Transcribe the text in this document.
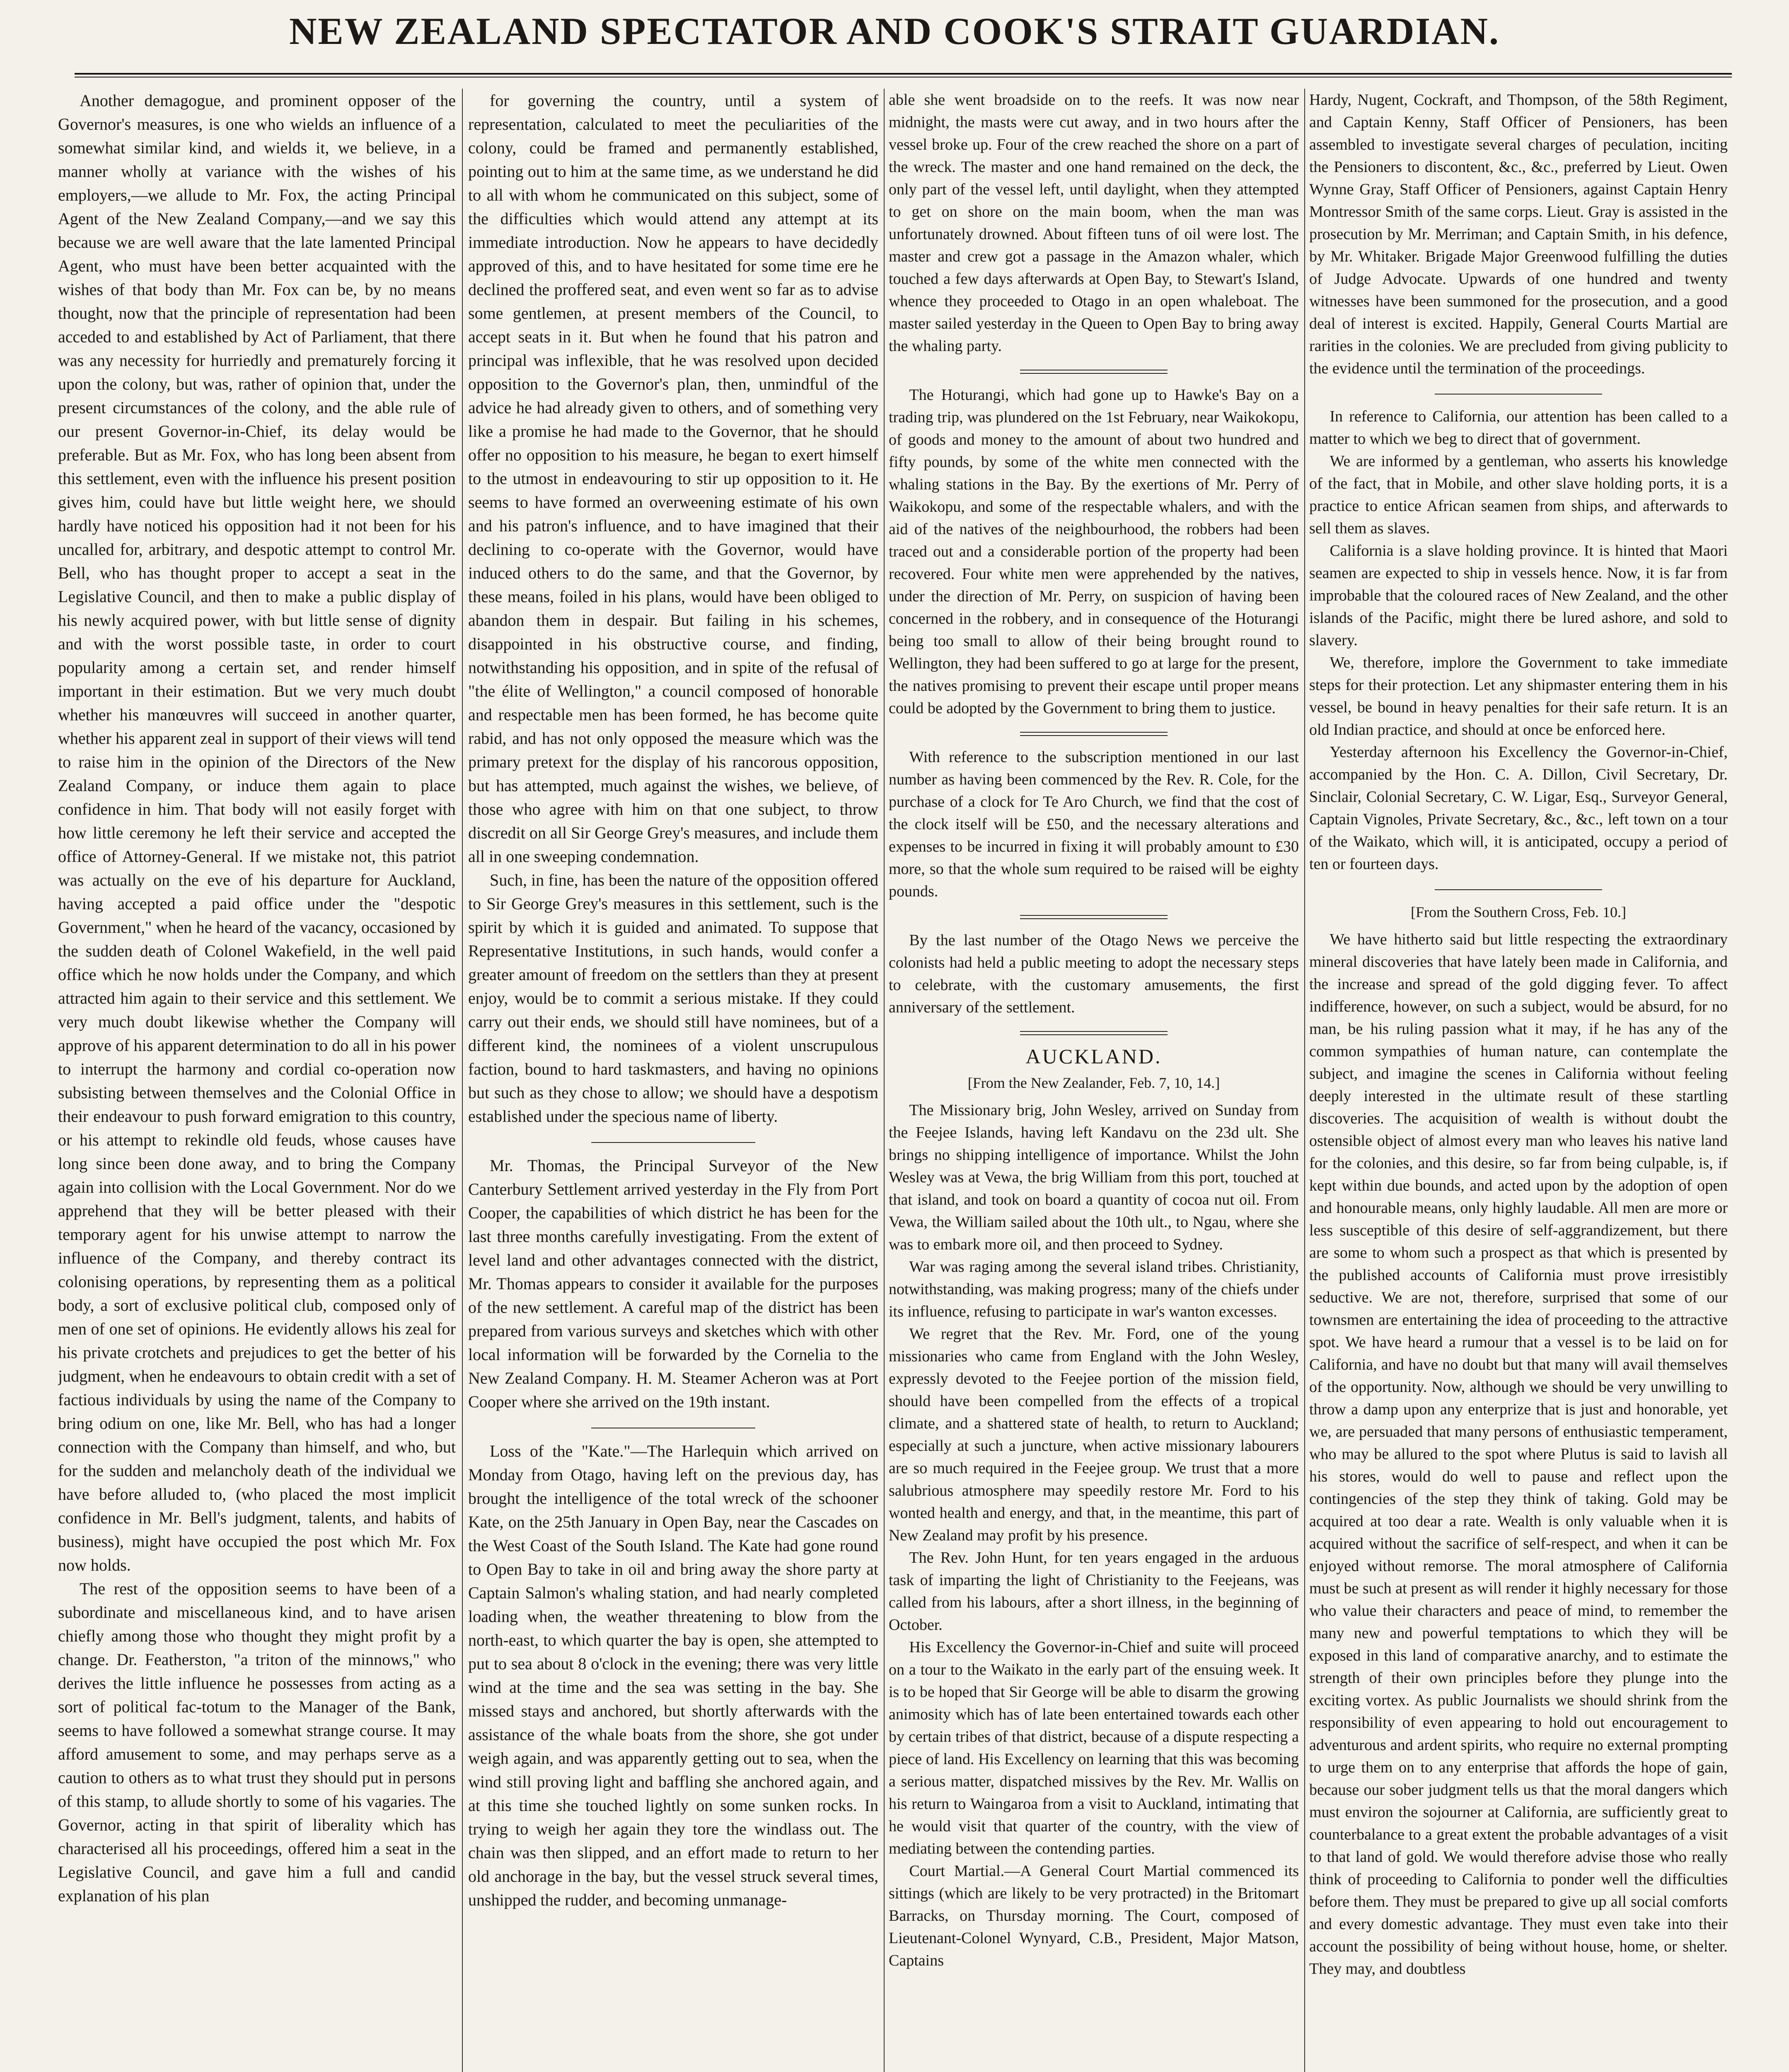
NEW ZEALAND SPECTATOR AND COOK'S STRAIT GUARDIAN.

Another demagogue, and prominent opposer of the Governor's measures, is one who wields an influence of a somewhat similar kind, and wields it, we believe, in a manner wholly at variance with the wishes of his employers,—we allude to Mr. Fox, the acting Principal Agent of the New Zealand Company,—and we say this because we are well aware that the late lamented Principal Agent, who must have been better acquainted with the wishes of that body than Mr. Fox can be, by no means thought, now that the principle of representation had been acceded to and established by Act of Parliament, that there was any necessity for hurriedly and prematurely forcing it upon the colony, but was, rather of opinion that, under the present circumstances of the colony, and the able rule of our present Governor-in-Chief, its delay would be preferable. But as Mr. Fox, who has long been absent from this settlement, even with the influence his present position gives him, could have but little weight here, we should hardly have noticed his opposition had it not been for his uncalled for, arbitrary, and despotic attempt to control Mr. Bell, who has thought proper to accept a seat in the Legislative Council, and then to make a public display of his newly acquired power, with but little sense of dignity and with the worst possible taste, in order to court popularity among a certain set, and render himself important in their estimation. But we very much doubt whether his manœuvres will succeed in another quarter, whether his apparent zeal in support of their views will tend to raise him in the opinion of the Directors of the New Zealand Company, or induce them again to place confidence in him. That body will not easily forget with how little ceremony he left their service and accepted the office of Attorney-General. If we mistake not, this patriot was actually on the eve of his departure for Auckland, having accepted a paid office under the "despotic Government," when he heard of the vacancy, occasioned by the sudden death of Colonel Wakefield, in the well paid office which he now holds under the Company, and which attracted him again to their service and this settlement. We very much doubt likewise whether the Company will approve of his apparent determination to do all in his power to interrupt the harmony and cordial co-operation now subsisting between themselves and the Colonial Office in their endeavour to push forward emigration to this country, or his attempt to rekindle old feuds, whose causes have long since been done away, and to bring the Company again into collision with the Local Government. Nor do we apprehend that they will be better pleased with their temporary agent for his unwise attempt to narrow the influence of the Company, and thereby contract its colonising operations, by representing them as a political body, a sort of exclusive political club, composed only of men of one set of opinions. He evidently allows his zeal for his private crotchets and prejudices to get the better of his judgment, when he endeavours to obtain credit with a set of factious individuals by using the name of the Company to bring odium on one, like Mr. Bell, who has had a longer connection with the Company than himself, and who, but for the sudden and melancholy death of the individual we have before alluded to, (who placed the most implicit confidence in Mr. Bell's judgment, talents, and habits of business), might have occupied the post which Mr. Fox now holds.

The rest of the opposition seems to have been of a subordinate and miscellaneous kind, and to have arisen chiefly among those who thought they might profit by a change. Dr. Featherston, "a triton of the minnows," who derives the little influence he possesses from acting as a sort of political fac-totum to the Manager of the Bank, seems to have followed a somewhat strange course. It may afford amusement to some, and may perhaps serve as a caution to others as to what trust they should put in persons of this stamp, to allude shortly to some of his vagaries. The Governor, acting in that spirit of liberality which has characterised all his proceedings, offered him a seat in the Legislative Council, and gave him a full and candid explanation of his plan

for governing the country, until a system of representation, calculated to meet the peculiarities of the colony, could be framed and permanently established, pointing out to him at the same time, as we understand he did to all with whom he communicated on this subject, some of the difficulties which would attend any attempt at its immediate introduction. Now he appears to have decidedly approved of this, and to have hesitated for some time ere he declined the proffered seat, and even went so far as to advise some gentlemen, at present members of the Council, to accept seats in it. But when he found that his patron and principal was inflexible, that he was resolved upon decided opposition to the Governor's plan, then, unmindful of the advice he had already given to others, and of something very like a promise he had made to the Governor, that he should offer no opposition to his measure, he began to exert himself to the utmost in endeavouring to stir up opposition to it. He seems to have formed an overweening estimate of his own and his patron's influence, and to have imagined that their declining to co-operate with the Governor, would have induced others to do the same, and that the Governor, by these means, foiled in his plans, would have been obliged to abandon them in despair. But failing in his schemes, disappointed in his obstructive course, and finding, notwithstanding his opposition, and in spite of the refusal of "the élite of Wellington," a council composed of honorable and respectable men has been formed, he has become quite rabid, and has not only opposed the measure which was the primary pretext for the display of his rancorous opposition, but has attempted, much against the wishes, we believe, of those who agree with him on that one subject, to throw discredit on all Sir George Grey's measures, and include them all in one sweeping condemnation.

Such, in fine, has been the nature of the opposition offered to Sir George Grey's measures in this settlement, such is the spirit by which it is guided and animated. To suppose that Representative Institutions, in such hands, would confer a greater amount of freedom on the settlers than they at present enjoy, would be to commit a serious mistake. If they could carry out their ends, we should still have nominees, but of a different kind, the nominees of a violent unscrupulous faction, bound to hard taskmasters, and having no opinions but such as they chose to allow; we should have a despotism established under the specious name of liberty.

Mr. Thomas, the Principal Surveyor of the New Canterbury Settlement arrived yesterday in the Fly from Port Cooper, the capabilities of which district he has been for the last three months carefully investigating. From the extent of level land and other advantages connected with the district, Mr. Thomas appears to consider it available for the purposes of the new settlement. A careful map of the district has been prepared from various surveys and sketches which with other local information will be forwarded by the Cornelia to the New Zealand Company. H. M. Steamer Acheron was at Port Cooper where she arrived on the 19th instant.

Loss of the "Kate."—The Harlequin which arrived on Monday from Otago, having left on the previous day, has brought the intelligence of the total wreck of the schooner Kate, on the 25th January in Open Bay, near the Cascades on the West Coast of the South Island. The Kate had gone round to Open Bay to take in oil and bring away the shore party at Captain Salmon's whaling station, and had nearly completed loading when, the weather threatening to blow from the north-east, to which quarter the bay is open, she attempted to put to sea about 8 o'clock in the evening; there was very little wind at the time and the sea was setting in the bay. She missed stays and anchored, but shortly afterwards with the assistance of the whale boats from the shore, she got under weigh again, and was apparently getting out to sea, when the wind still proving light and baffling she anchored again, and at this time she touched lightly on some sunken rocks. In trying to weigh her again they tore the windlass out. The chain was then slipped, and an effort made to return to her old anchorage in the bay, but the vessel struck several times, unshipped the rudder, and becoming unmanage-

able she went broadside on to the reefs. It was now near midnight, the masts were cut away, and in two hours after the vessel broke up. Four of the crew reached the shore on a part of the wreck. The master and one hand remained on the deck, the only part of the vessel left, until daylight, when they attempted to get on shore on the main boom, when the man was unfortunately drowned. About fifteen tuns of oil were lost. The master and crew got a passage in the Amazon whaler, which touched a few days afterwards at Open Bay, to Stewart's Island, whence they proceeded to Otago in an open whaleboat. The master sailed yesterday in the Queen to Open Bay to bring away the whaling party.

The Hoturangi, which had gone up to Hawke's Bay on a trading trip, was plundered on the 1st February, near Waikokopu, of goods and money to the amount of about two hundred and fifty pounds, by some of the white men connected with the whaling stations in the Bay. By the exertions of Mr. Perry of Waikokopu, and some of the respectable whalers, and with the aid of the natives of the neighbourhood, the robbers had been traced out and a considerable portion of the property had been recovered. Four white men were apprehended by the natives, under the direction of Mr. Perry, on suspicion of having been concerned in the robbery, and in consequence of the Hoturangi being too small to allow of their being brought round to Wellington, they had been suffered to go at large for the present, the natives promising to prevent their escape until proper means could be adopted by the Government to bring them to justice.

With reference to the subscription mentioned in our last number as having been commenced by the Rev. R. Cole, for the purchase of a clock for Te Aro Church, we find that the cost of the clock itself will be £50, and the necessary alterations and expenses to be incurred in fixing it will probably amount to £30 more, so that the whole sum required to be raised will be eighty pounds.

By the last number of the Otago News we perceive the colonists had held a public meeting to adopt the necessary steps to celebrate, with the customary amusements, the first anniversary of the settlement.

AUCKLAND.
[From the New Zealander, Feb. 7, 10, 14.]

The Missionary brig, John Wesley, arrived on Sunday from the Feejee Islands, having left Kandavu on the 23d ult. She brings no shipping intelligence of importance. Whilst the John Wesley was at Vewa, the brig William from this port, touched at that island, and took on board a quantity of cocoa nut oil. From Vewa, the William sailed about the 10th ult., to Ngau, where she was to embark more oil, and then proceed to Sydney.

War was raging among the several island tribes. Christianity, notwithstanding, was making progress; many of the chiefs under its influence, refusing to participate in war's wanton excesses.

We regret that the Rev. Mr. Ford, one of the young missionaries who came from England with the John Wesley, expressly devoted to the Feejee portion of the mission field, should have been compelled from the effects of a tropical climate, and a shattered state of health, to return to Auckland; especially at such a juncture, when active missionary labourers are so much required in the Feejee group. We trust that a more salubrious atmosphere may speedily restore Mr. Ford to his wonted health and energy, and that, in the meantime, this part of New Zealand may profit by his presence.

The Rev. John Hunt, for ten years engaged in the arduous task of imparting the light of Christianity to the Feejeans, was called from his labours, after a short illness, in the beginning of October.

His Excellency the Governor-in-Chief and suite will proceed on a tour to the Waikato in the early part of the ensuing week. It is to be hoped that Sir George will be able to disarm the growing animosity which has of late been entertained towards each other by certain tribes of that district, because of a dispute respecting a piece of land. His Excellency on learning that this was becoming a serious matter, dispatched missives by the Rev. Mr. Wallis on his return to Waingaroa from a visit to Auckland, intimating that he would visit that quarter of the country, with the view of mediating between the contending parties.

Court Martial.—A General Court Martial commenced its sittings (which are likely to be very protracted) in the Britomart Barracks, on Thursday morning. The Court, composed of Lieutenant-Colonel Wynyard, C.B., President, Major Matson, Captains

Hardy, Nugent, Cockraft, and Thompson, of the 58th Regiment, and Captain Kenny, Staff Officer of Pensioners, has been assembled to investigate several charges of peculation, inciting the Pensioners to discontent, &c., &c., preferred by Lieut. Owen Wynne Gray, Staff Officer of Pensioners, against Captain Henry Montressor Smith of the same corps. Lieut. Gray is assisted in the prosecution by Mr. Merriman; and Captain Smith, in his defence, by Mr. Whitaker. Brigade Major Greenwood fulfilling the duties of Judge Advocate. Upwards of one hundred and twenty witnesses have been summoned for the prosecution, and a good deal of interest is excited. Happily, General Courts Martial are rarities in the colonies. We are precluded from giving publicity to the evidence until the termination of the proceedings.

In reference to California, our attention has been called to a matter to which we beg to direct that of government.

We are informed by a gentleman, who asserts his knowledge of the fact, that in Mobile, and other slave holding ports, it is a practice to entice African seamen from ships, and afterwards to sell them as slaves.

California is a slave holding province. It is hinted that Maori seamen are expected to ship in vessels hence. Now, it is far from improbable that the coloured races of New Zealand, and the other islands of the Pacific, might there be lured ashore, and sold to slavery.

We, therefore, implore the Government to take immediate steps for their protection. Let any shipmaster entering them in his vessel, be bound in heavy penalties for their safe return. It is an old Indian practice, and should at once be enforced here.

Yesterday afternoon his Excellency the Governor-in-Chief, accompanied by the Hon. C. A. Dillon, Civil Secretary, Dr. Sinclair, Colonial Secretary, C. W. Ligar, Esq., Surveyor General, Captain Vignoles, Private Secretary, &c., &c., left town on a tour of the Waikato, which will, it is anticipated, occupy a period of ten or fourteen days.

[From the Southern Cross, Feb. 10.]

We have hitherto said but little respecting the extraordinary mineral discoveries that have lately been made in California, and the increase and spread of the gold digging fever. To affect indifference, however, on such a subject, would be absurd, for no man, be his ruling passion what it may, if he has any of the common sympathies of human nature, can contemplate the subject, and imagine the scenes in California without feeling deeply interested in the ultimate result of these startling discoveries. The acquisition of wealth is without doubt the ostensible object of almost every man who leaves his native land for the colonies, and this desire, so far from being culpable, is, if kept within due bounds, and acted upon by the adoption of open and honourable means, only highly laudable. All men are more or less susceptible of this desire of self-aggrandizement, but there are some to whom such a prospect as that which is presented by the published accounts of California must prove irresistibly seductive. We are not, therefore, surprised that some of our townsmen are entertaining the idea of proceeding to the attractive spot. We have heard a rumour that a vessel is to be laid on for California, and have no doubt but that many will avail themselves of the opportunity. Now, although we should be very unwilling to throw a damp upon any enterprize that is just and honorable, yet we, are persuaded that many persons of enthusiastic temperament, who may be allured to the spot where Plutus is said to lavish all his stores, would do well to pause and reflect upon the contingencies of the step they think of taking. Gold may be acquired at too dear a rate. Wealth is only valuable when it is acquired without the sacrifice of self-respect, and when it can be enjoyed without remorse. The moral atmosphere of California must be such at present as will render it highly necessary for those who value their characters and peace of mind, to remember the many new and powerful temptations to which they will be exposed in this land of comparative anarchy, and to estimate the strength of their own principles before they plunge into the exciting vortex. As public Journalists we should shrink from the responsibility of even appearing to hold out encouragement to adventurous and ardent spirits, who require no external prompting to urge them on to any enterprise that affords the hope of gain, because our sober judgment tells us that the moral dangers which must environ the sojourner at California, are sufficiently great to counterbalance to a great extent the probable advantages of a visit to that land of gold. We would therefore advise those who really think of proceeding to California to ponder well the difficulties before them. They must be prepared to give up all social comforts and every domestic advantage. They must even take into their account the possibility of being without house, home, or shelter. They may, and doubtless
